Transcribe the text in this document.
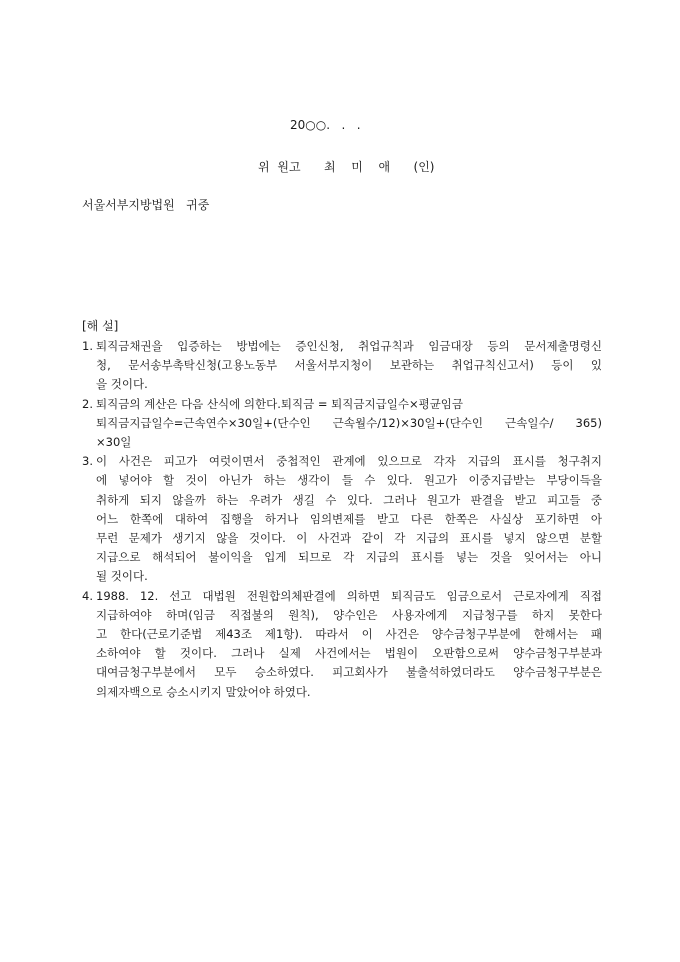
20○○.   .   .
위 원고   최  미  애   (인)
서울서부지방법원   귀중
[해 설]
1. 퇴직금채권을 입증하는 방법에는 증인신청, 취업규칙과 임금대장 등의 문서제출명령신
청, 문서송부촉탁신청(고용노동부 서울서부지청이 보관하는 취업규칙신고서) 등이 있
을 것이다.
2. 퇴직금의 계산은 다음 산식에 의한다.퇴직금 = 퇴직금지급일수×평균임금
퇴직금지급일수=근속연수×30일+(단수인 근속월수/12)×30일+(단수인 근속일수/ 365)
×30일
3. 이 사건은 피고가 여럿이면서 중첩적인 관계에 있으므로 각자 지급의 표시를 청구취지
에 넣어야 할 것이 아닌가 하는 생각이 들 수 있다. 원고가 이중지급받는 부당이득을
취하게 되지 않을까 하는 우려가 생길 수 있다. 그러나 원고가 판결을 받고 피고들 중
어느 한쪽에 대하여 집행을 하거나 임의변제를 받고 다른 한쪽은 사실상 포기하면 아
무런 문제가 생기지 않을 것이다. 이 사건과 같이 각 지급의 표시를 넣지 않으면 분할
지급으로 해석되어 불이익을 입게 되므로 각 지급의 표시를 넣는 것을 잊어서는 아니
될 것이다.
4. 1988. 12. 선고 대법원 전원합의체판결에 의하면 퇴직금도 임금으로서 근로자에게 직접
지급하여야 하며(임금 직접불의 원칙), 양수인은 사용자에게 지급청구를 하지 못한다
고 한다(근로기준법 제43조 제1항). 따라서 이 사건은 양수금청구부분에 한해서는 패
소하여야 할 것이다. 그러나 실제 사건에서는 법원이 오판함으로써 양수금청구부분과
대여금청구부분에서 모두 승소하였다. 피고회사가 불출석하였더라도 양수금청구부분은
의제자백으로 승소시키지 말았어야 하였다.
